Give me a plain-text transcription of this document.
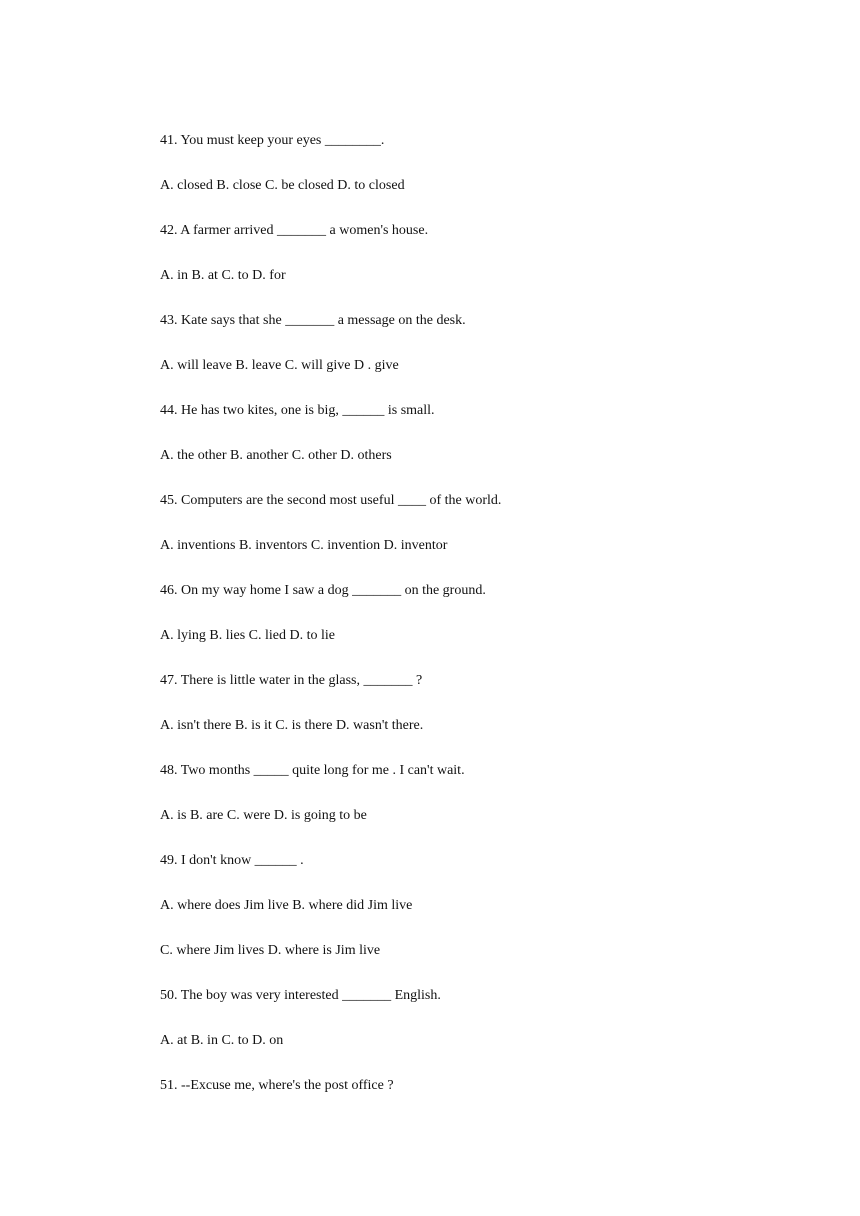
41. You must keep your eyes ________.
A. closed B. close C. be closed D. to closed
42. A farmer arrived _______ a women's house.
A. in B. at C. to D. for
43. Kate says that she _______ a message on the desk.
A. will leave B. leave C. will give D . give
44. He has two kites, one is big, ______ is small.
A. the other B. another C. other D. others
45. Computers are the second most useful ____ of the world.
A. inventions B. inventors C. invention D. inventor
46. On my way home I saw a dog _______ on the ground.
A. lying B. lies C. lied D. to lie
47. There is little water in the glass, _______ ?
A. isn't there B. is it C. is there D. wasn't there.
48. Two months _____ quite long for me . I can't wait.
A. is B. are C. were D. is going to be
49. I don't know ______ .
A. where does Jim live B. where did Jim live
C. where Jim lives D. where is Jim live
50. The boy was very interested _______ English.
A. at B. in C. to D. on
51. --Excuse me, where's the post office ?
